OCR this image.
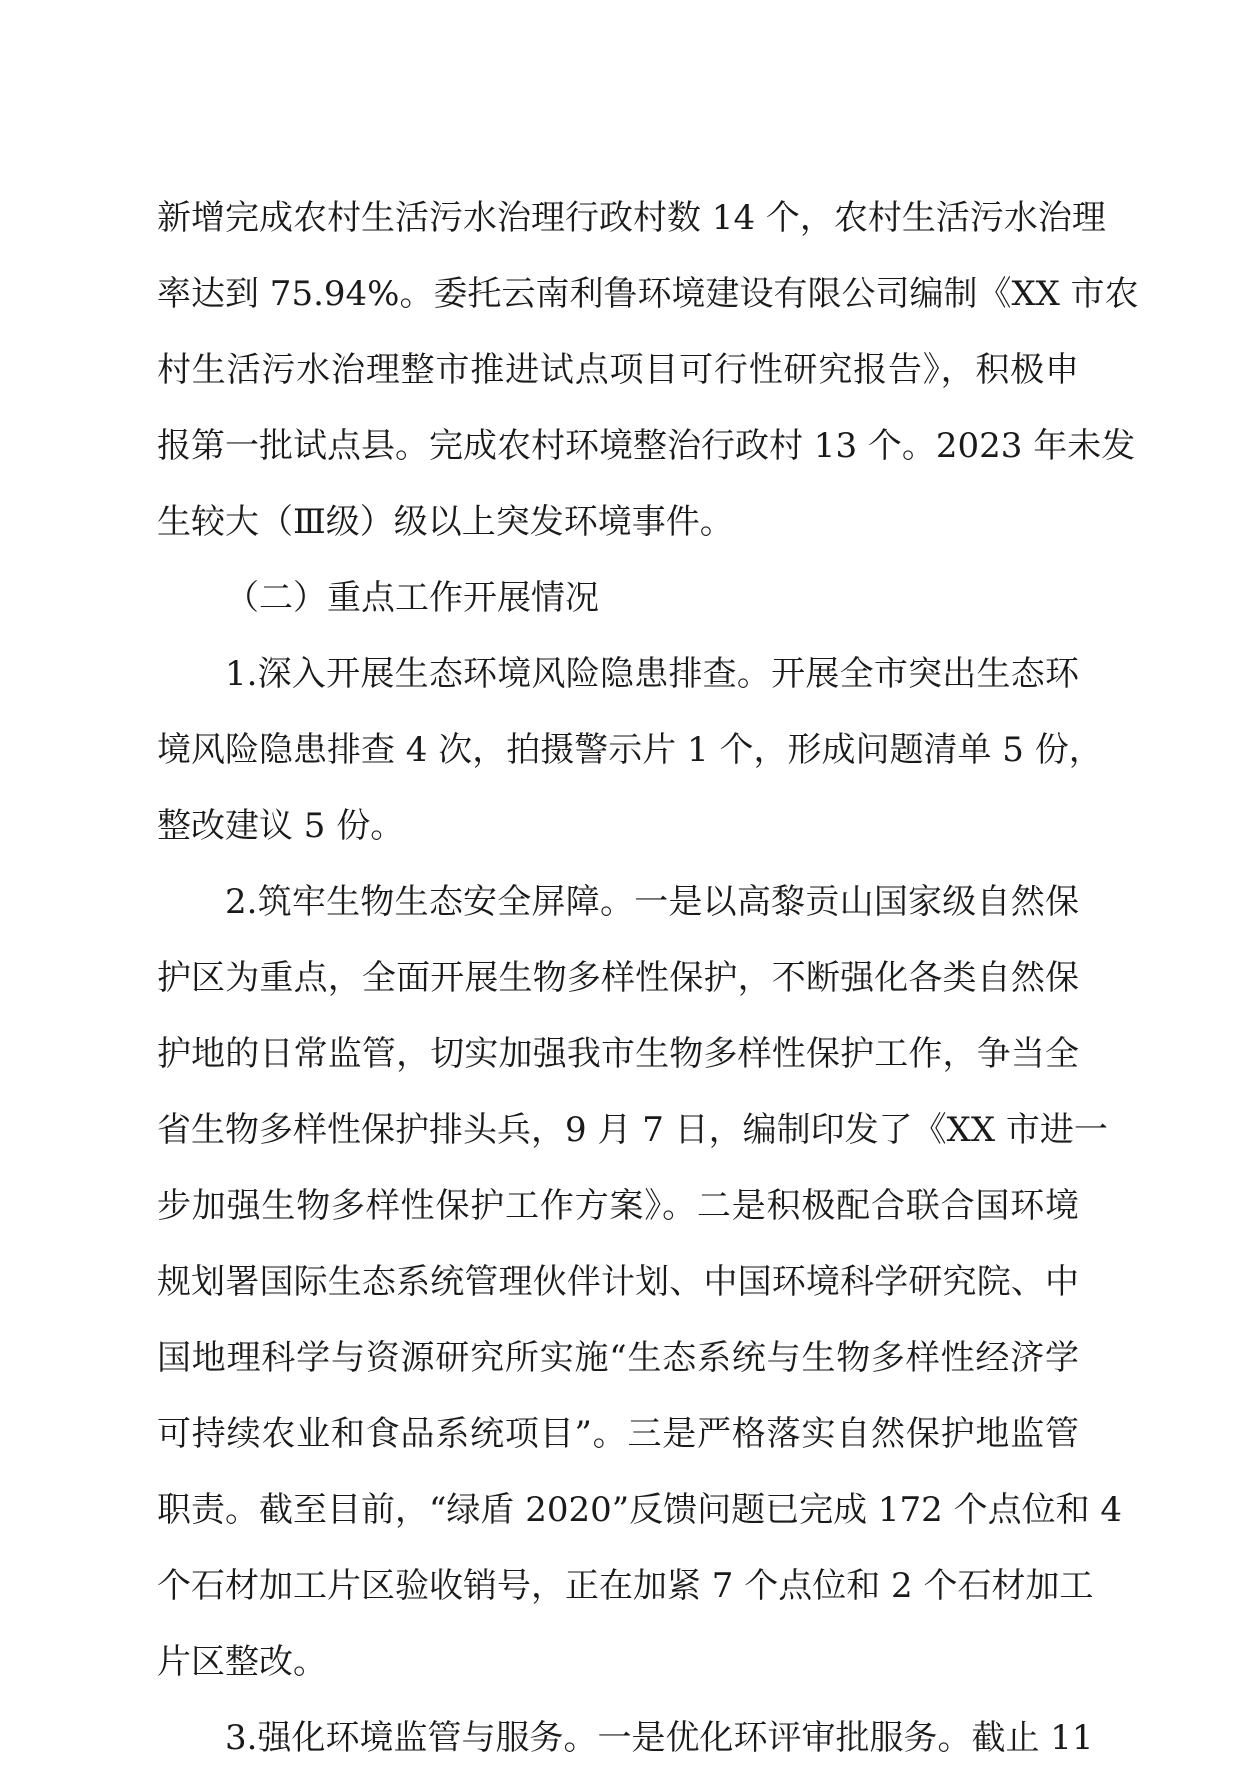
新增完成农村生活污水治理行政村数 14 个，农村生活污水治理
率达到 75.94%。委托云南利鲁环境建设有限公司编制《XX 市农
村生活污水治理整市推进试点项目可行性研究报告》，积极申
报第一批试点县。完成农村环境整治行政村 13 个。2023 年未发
生较大（Ⅲ级）级以上突发环境事件。
（二）重点工作开展情况
1.深入开展生态环境风险隐患排查。开展全市突出生态环
境风险隐患排查 4 次，拍摄警示片 1 个，形成问题清单 5 份，
整改建议 5 份。
2.筑牢生物生态安全屏障。一是以高黎贡山国家级自然保
护区为重点，全面开展生物多样性保护，不断强化各类自然保
护地的日常监管，切实加强我市生物多样性保护工作，争当全
省生物多样性保护排头兵，9 月 7 日，编制印发了《XX 市进一
步加强生物多样性保护工作方案》。二是积极配合联合国环境
规划署国际生态系统管理伙伴计划、中国环境科学研究院、中
国地理科学与资源研究所实施“生态系统与生物多样性经济学
可持续农业和食品系统项目”。三是严格落实自然保护地监管
职责。截至目前，“绿盾 2020”反馈问题已完成 172 个点位和 4
个石材加工片区验收销号，正在加紧 7 个点位和 2 个石材加工
片区整改。
3.强化环境监管与服务。一是优化环评审批服务。截止 11
